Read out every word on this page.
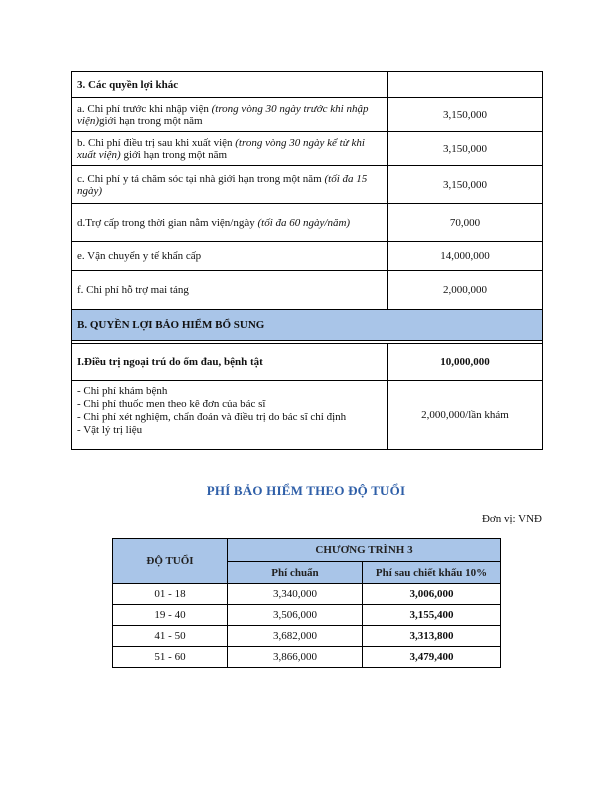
3. Các quyền lợi khác	
a. Chi phí trước khi nhập viện (trong vòng 30 ngày trước khi nhập viện)giới hạn trong một năm	3,150,000
b. Chi phí điều trị sau khi xuất viện (trong vòng 30 ngày kể từ khi xuất viện) giới hạn trong một năm	3,150,000
c. Chi phí y tá chăm sóc tại nhà giới hạn trong một năm (tối đa 15 ngày)	3,150,000
d.Trợ cấp trong thời gian nằm viện/ngày (tối đa 60 ngày/năm)	70,000
e. Vận chuyển y tế khẩn cấp	14,000,000
f. Chi phí hỗ trợ mai táng	2,000,000
B. QUYỀN LỢI BẢO HIỂM BỔ SUNG	

I.Điều trị ngoại trú do ốm đau, bệnh tật	10,000,000

- Chi phí khám bệnh
- Chi phí thuốc men theo kê đơn của bác sĩ
- Chi phí xét nghiệm, chẩn đoán và điều trị do bác sĩ chỉ định
- Vật lý trị liệu	2,000,000/lần khám
PHÍ BẢO HIỂM THEO ĐỘ TUỔI
Đơn vị: VNĐ
ĐỘ TUỔI	CHƯƠNG TRÌNH 3	
	Phí chuẩn	Phí sau chiết khấu 10%
01 - 18	3,340,000	3,006,000
19 - 40	3,506,000	3,155,400
41 - 50	3,682,000	3,313,800
51 - 60	3,866,000	3,479,400
